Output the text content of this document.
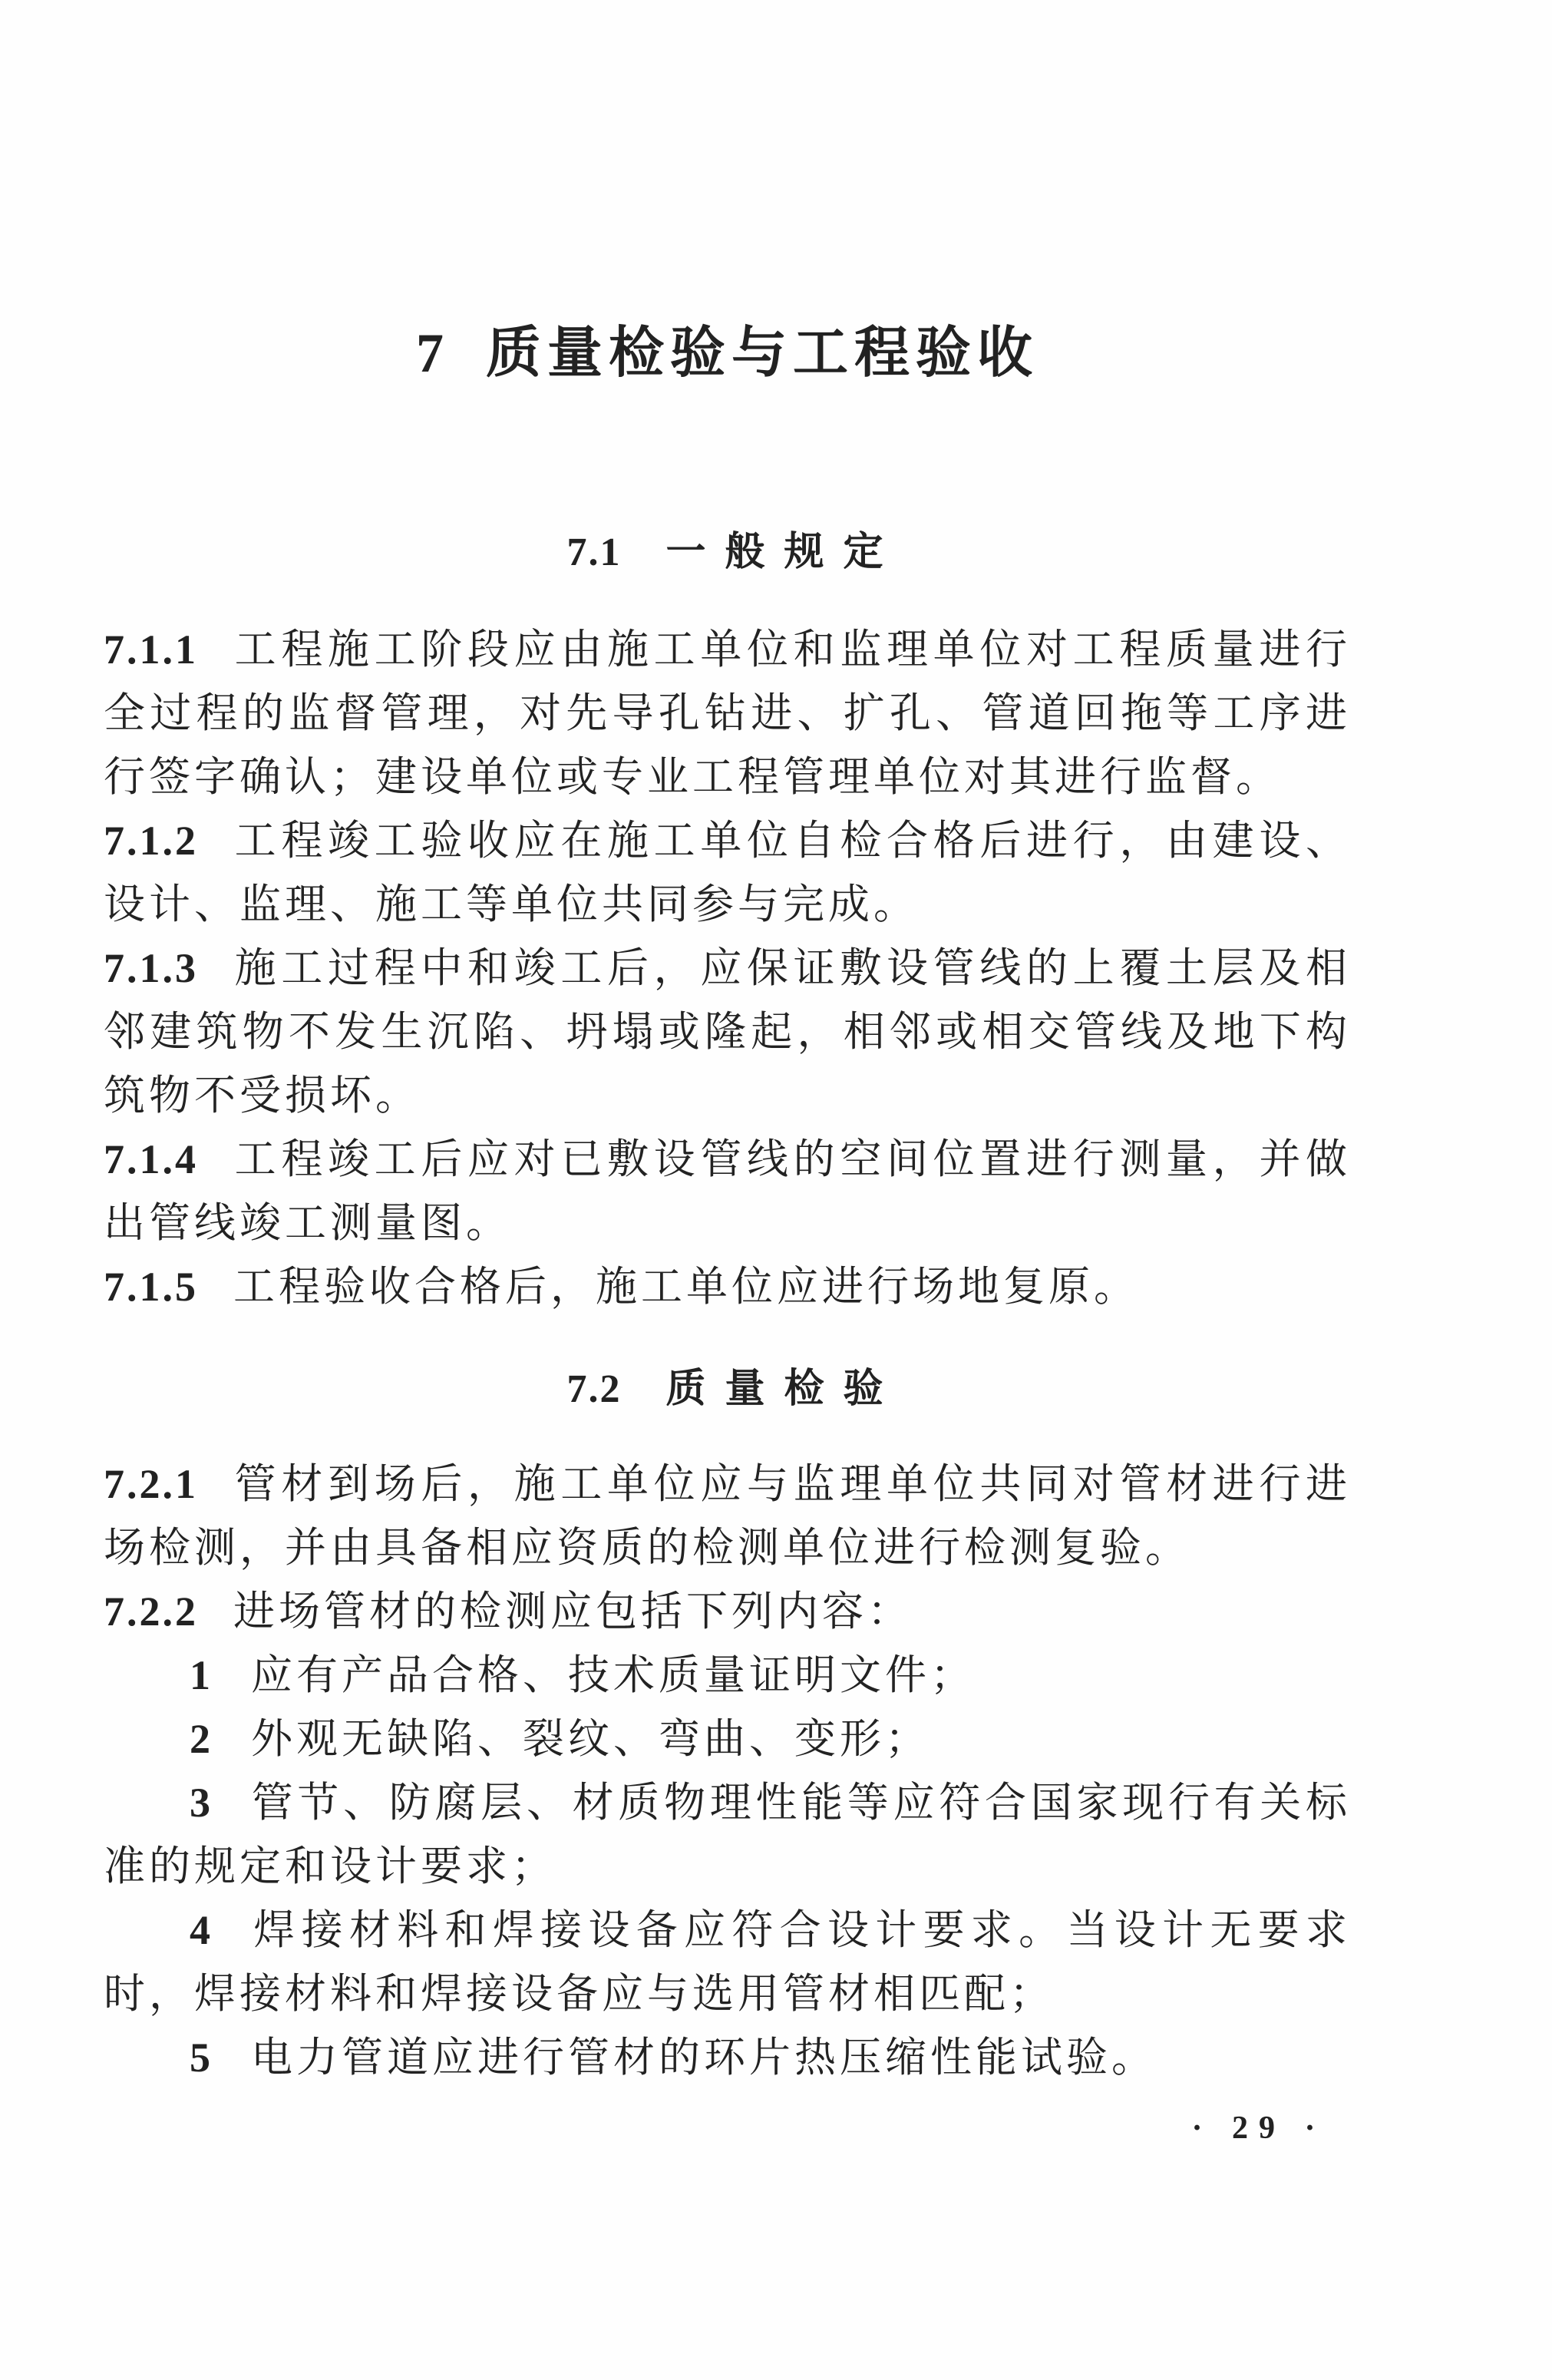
7 质量检验与工程验收
7.1 一 般 规 定

7.1.1 工程施工阶段应由施工单位和监理单位对工程质量进行全过程的监督管理，对先导孔钻进、扩孔、管道回拖等工序进行签字确认；建设单位或专业工程管理单位对其进行监督。

7.1.2 工程竣工验收应在施工单位自检合格后进行，由建设、设计、监理、施工等单位共同参与完成。

7.1.3 施工过程中和竣工后，应保证敷设管线的上覆土层及相邻建筑物不发生沉陷、坍塌或隆起，相邻或相交管线及地下构筑物不受损坏。

7.1.4 工程竣工后应对已敷设管线的空间位置进行测量，并做出管线竣工测量图。

7.1.5 工程验收合格后，施工单位应进行场地复原。

7.2 质 量 检 验

7.2.1 管材到场后，施工单位应与监理单位共同对管材进行进场检测，并由具备相应资质的检测单位进行检测复验。

7.2.2 进场管材的检测应包括下列内容：

1 应有产品合格、技术质量证明文件；

2 外观无缺陷、裂纹、弯曲、变形；

3 管节、防腐层、材质物理性能等应符合国家现行有关标准的规定和设计要求；

4 焊接材料和焊接设备应符合设计要求。当设计无要求时，焊接材料和焊接设备应与选用管材相匹配；

5 电力管道应进行管材的环片热压缩性能试验。

· 29 ·
